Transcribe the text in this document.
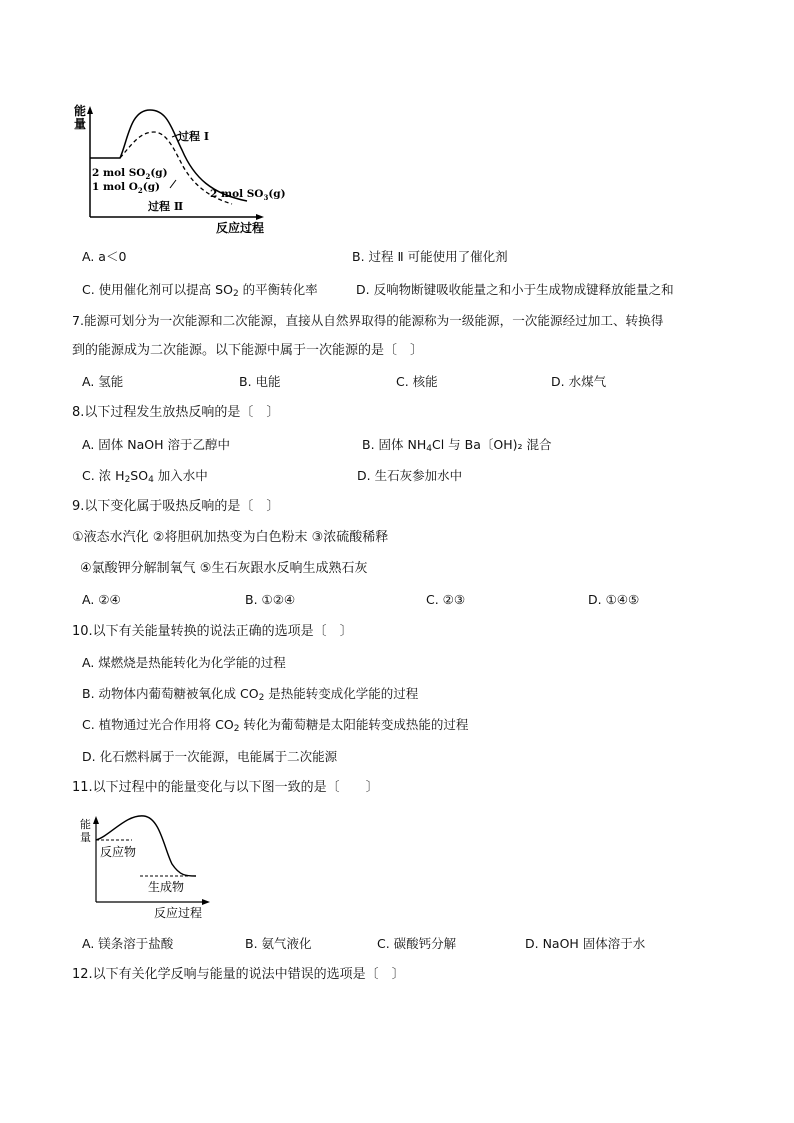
能
量
过程 Ⅰ
过程 Ⅱ
2 mol $SO_2(g)$
1 mol $O_2(g)$
2 mol $SO_3(g)$
反应过程
A. a＜0	B. 过程 Ⅱ 可能使用了催化剂
C. 使用催化剂可以提高 $SO_2$ 的平衡转化率	D. 反响物断键吸收能量之和小于生成物成键释放能量之和
7.能源可划分为一次能源和二次能源，直接从自然界取得的能源称为一级能源，一次能源经过加工、转换得
到的能源成为二次能源。以下能源中属于一次能源的是〔　〕
A. 氢能	B. 电能	C. 核能	D. 水煤气
8.以下过程发生放热反响的是〔　〕
A. 固体 NaOH 溶于乙醇中	B. 固体 $NH_4Cl$ 与 Ba〔OH)₂ 混合
C. 浓 $H_2SO_4$ 加入水中	D. 生石灰参加水中
9.以下变化属于吸热反响的是〔　〕
①液态水汽化 ②将胆矾加热变为白色粉末 ③浓硫酸稀释
④氯酸钾分解制氧气 ⑤生石灰跟水反响生成熟石灰
A. ②④	B. ①②④	C. ②③	D. ①④⑤
10.以下有关能量转换的说法正确的选项是〔　〕
A. 煤燃烧是热能转化为化学能的过程
B. 动物体内葡萄糖被氧化成 $CO_2$ 是热能转变成化学能的过程
C. 植物通过光合作用将 $CO_2$ 转化为葡萄糖是太阳能转变成热能的过程
D. 化石燃料属于一次能源，电能属于二次能源
11.以下过程中的能量变化与以下图一致的是〔　　〕
能
量
反应物
生成物
反应过程
A. 镁条溶于盐酸	B. 氨气液化	C. 碳酸钙分解	D. NaOH 固体溶于水
12.以下有关化学反响与能量的说法中错误的选项是〔　〕
